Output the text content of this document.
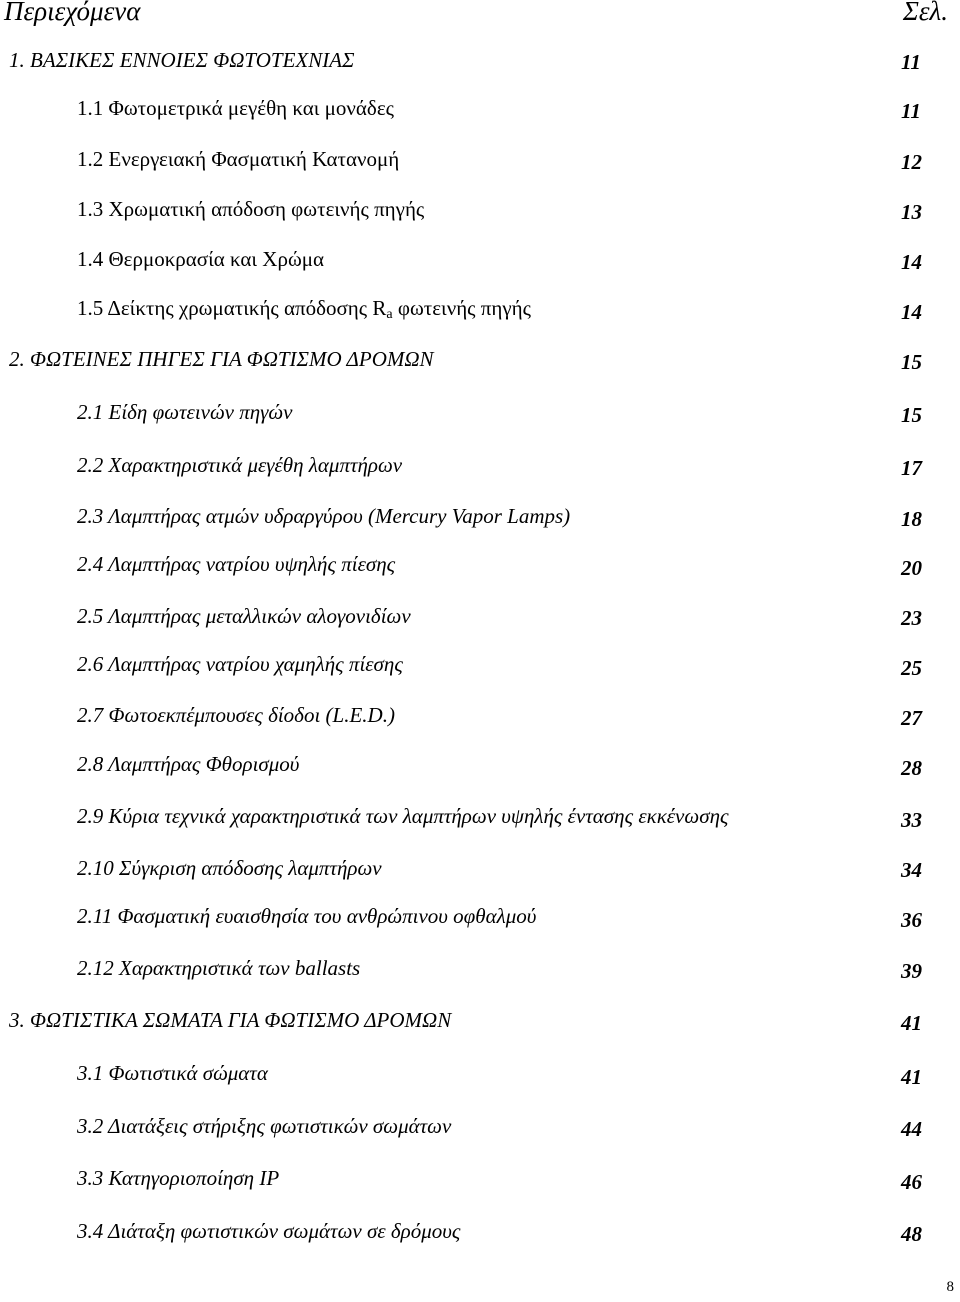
Περιεχόμενα	Σελ.
1. ΒΑΣΙΚΕΣ ΕΝΝΟΙΕΣ ΦΩΤΟΤΕΧΝΙΑΣ	11
1.1 Φωτομετρικά μεγέθη και μονάδες	11
1.2 Ενεργειακή Φασματική Κατανομή	12
1.3 Χρωματική απόδοση φωτεινής πηγής	13
1.4 Θερμοκρασία και Χρώμα	14
1.5 Δείκτης χρωματικής απόδοσης $R_a$ φωτεινής πηγής	14
2. ΦΩΤΕΙΝΕΣ ΠΗΓΕΣ ΓΙΑ ΦΩΤΙΣΜΟ ΔΡΟΜΩΝ	15
2.1 Είδη φωτεινών πηγών	15
2.2 Χαρακτηριστικά μεγέθη λαμπτήρων	17
2.3 Λαμπτήρας ατμών υδραργύρου (Mercury Vapor Lamps)	18
2.4 Λαμπτήρας νατρίου υψηλής πίεσης	20
2.5 Λαμπτήρας μεταλλικών αλογονιδίων	23
2.6 Λαμπτήρας νατρίου χαμηλής πίεσης	25
2.7 Φωτοεκπέμπουσες δίοδοι (L.E.D.)	27
2.8 Λαμπτήρας Φθορισμού	28
2.9 Κύρια τεχνικά χαρακτηριστικά των λαμπτήρων υψηλής έντασης εκκένωσης	33
2.10 Σύγκριση απόδοσης λαμπτήρων	34
2.11 Φασματική ευαισθησία του ανθρώπινου οφθαλμού	36
2.12 Χαρακτηριστικά των ballasts	39
3. ΦΩΤΙΣΤΙΚΑ ΣΩΜΑΤΑ ΓΙΑ ΦΩΤΙΣΜΟ ΔΡΟΜΩΝ	41
3.1 Φωτιστικά σώματα	41
3.2 Διατάξεις στήριξης φωτιστικών σωμάτων	44
3.3 Κατηγοριοποίηση IP	46
3.4 Διάταξη φωτιστικών σωμάτων σε δρόμους	48
8
